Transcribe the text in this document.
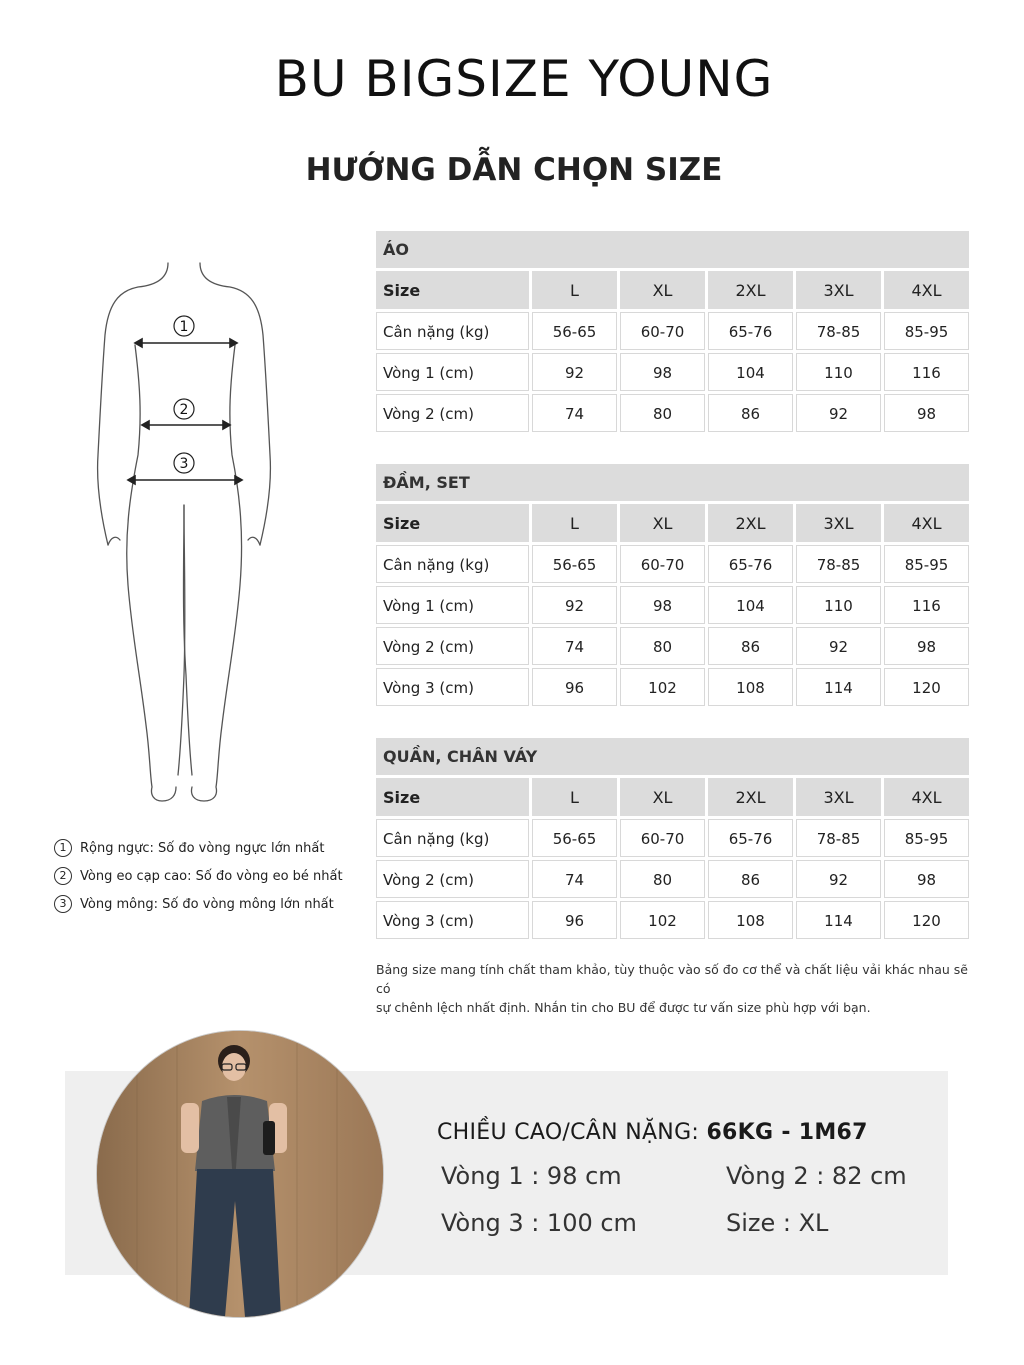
BU BIGSIZE YOUNG
HƯỚNG DẪN CHỌN SIZE
1
2
3
1	Rộng ngực: Số đo vòng ngực lớn nhất
2	Vòng eo cạp cao: Số đo vòng eo bé nhất
3	Vòng mông: Số đo vòng mông lớn nhất
ÁO
Size	L	XL	2XL	3XL	4XL
Cân nặng (kg)	56-65	60-70	65-76	78-85	85-95
Vòng 1 (cm)	92	98	104	110	116
Vòng 2 (cm)	74	80	86	92	98
ĐẦM, SET
Size	L	XL	2XL	3XL	4XL
Cân nặng (kg)	56-65	60-70	65-76	78-85	85-95
Vòng 1 (cm)	92	98	104	110	116
Vòng 2 (cm)	74	80	86	92	98
Vòng 3 (cm)	96	102	108	114	120
QUẦN, CHÂN VÁY
Size	L	XL	2XL	3XL	4XL
Cân nặng (kg)	56-65	60-70	65-76	78-85	85-95
Vòng 2 (cm)	74	80	86	92	98
Vòng 3 (cm)	96	102	108	114	120
Bảng size mang tính chất tham khảo, tùy thuộc vào số đo cơ thể và chất liệu vải khác nhau sẽ có
sự chênh lệch nhất định. Nhắn tin cho BU để được tư vấn size phù hợp với bạn.
CHIỀU CAO/CÂN NẶNG: 66KG - 1M67
Vòng 1 : 98 cm	Vòng 2 : 82 cm
Vòng 3 : 100 cm	Size : XL
